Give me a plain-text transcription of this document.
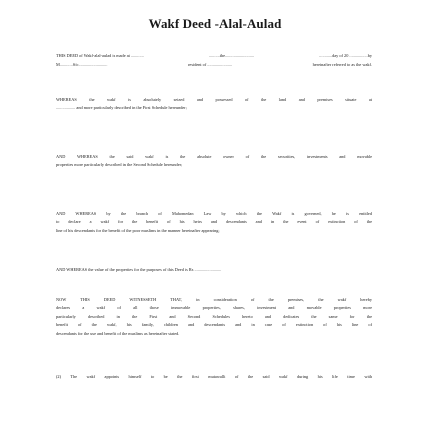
Wakf Deed -Alal-Aulad
THIS DEED of Wakf-alal-aulad is made at ............	..........the...........................	............day of 20 .................by
M............S/o...........................	resident of .......................	hereinafter referred to as the wakf.
WHEREAS the wakf is absolutely seized and possessed of the land and premises situate at
.................. and more particularly described in the First Schedule hereunder;
AND WHEREAS the said wakf is the absolute owner of the securities, investments and movable
properties more particularly described in the Second Schedule hereunder;
AND WHEREAS by the branch of Mahomedan Law by which the Wakf is governed, he is entitled
to declare a wakf for the benefit of his heirs and descendants and in the event of extinction of the
line of his descendants for the benefit of the poor muslims in the manner hereinafter appearing;
AND WHEREAS the value of the properties for the purposes of this Deed is Rs .........................
NOW THIS DEED WITNESSETH THAT, in consideration of the premises, the wakf hereby
declares a wakf of all those immovable properties, shares, investment and movable properties more
particularly described in the First and Second Schedules hereto and dedicates the same for the
benefit of the wakf, his family, children and descendants and in case of extinction of his line of
descendants for the use and benefit of the muslims as hereinafter stated.
(2) The wakf appoints himself to be the first mutawalli of the said wakf during his life time with
